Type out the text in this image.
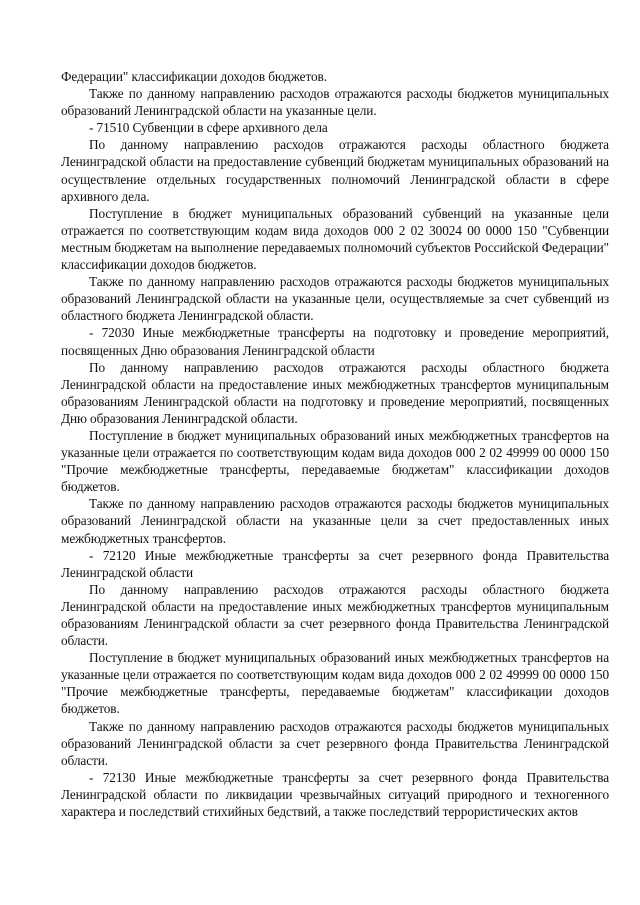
Федерации" классификации доходов бюджетов.

Также по данному направлению расходов отражаются расходы бюджетов муниципальных образований Ленинградской области на указанные цели.

- 71510 Субвенции в сфере архивного дела

По данному направлению расходов отражаются расходы областного бюджета Ленинградской области на предоставление субвенций бюджетам муниципальных образований на осуществление отдельных государственных полномочий Ленинградской области в сфере архивного дела.

Поступление в бюджет муниципальных образований субвенций на указанные цели отражается по соответствующим кодам вида доходов 000 2 02 30024 00 0000 150 "Субвенции местным бюджетам на выполнение передаваемых полномочий субъектов Российской Федерации" классификации доходов бюджетов.

Также по данному направлению расходов отражаются расходы бюджетов муниципальных образований Ленинградской области на указанные цели, осуществляемые за счет субвенций из областного бюджета Ленинградской области.

- 72030 Иные межбюджетные трансферты на подготовку и проведение мероприятий, посвященных Дню образования Ленинградской области

По данному направлению расходов отражаются расходы областного бюджета Ленинградской области на предоставление иных межбюджетных трансфертов муниципальным образованиям Ленинградской области на подготовку и проведение мероприятий, посвященных Дню образования Ленинградской области.

Поступление в бюджет муниципальных образований иных межбюджетных трансфертов на указанные цели отражается по соответствующим кодам вида доходов 000 2 02 49999 00 0000 150 "Прочие межбюджетные трансферты, передаваемые бюджетам" классификации доходов бюджетов.

Также по данному направлению расходов отражаются расходы бюджетов муниципальных образований Ленинградской области на указанные цели за счет предоставленных иных межбюджетных трансфертов.

- 72120 Иные межбюджетные трансферты за счет резервного фонда Правительства Ленинградской области

По данному направлению расходов отражаются расходы областного бюджета Ленинградской области на предоставление иных межбюджетных трансфертов муниципальным образованиям Ленинградской области за счет резервного фонда Правительства Ленинградской области.

Поступление в бюджет муниципальных образований иных межбюджетных трансфертов на указанные цели отражается по соответствующим кодам вида доходов 000 2 02 49999 00 0000 150 "Прочие межбюджетные трансферты, передаваемые бюджетам" классификации доходов бюджетов.

Также по данному направлению расходов отражаются расходы бюджетов муниципальных образований Ленинградской области за счет резервного фонда Правительства Ленинградской области.

- 72130 Иные межбюджетные трансферты за счет резервного фонда Правительства Ленинградской области по ликвидации чрезвычайных ситуаций природного и техногенного характера и последствий стихийных бедствий, а также последствий террористических актов
